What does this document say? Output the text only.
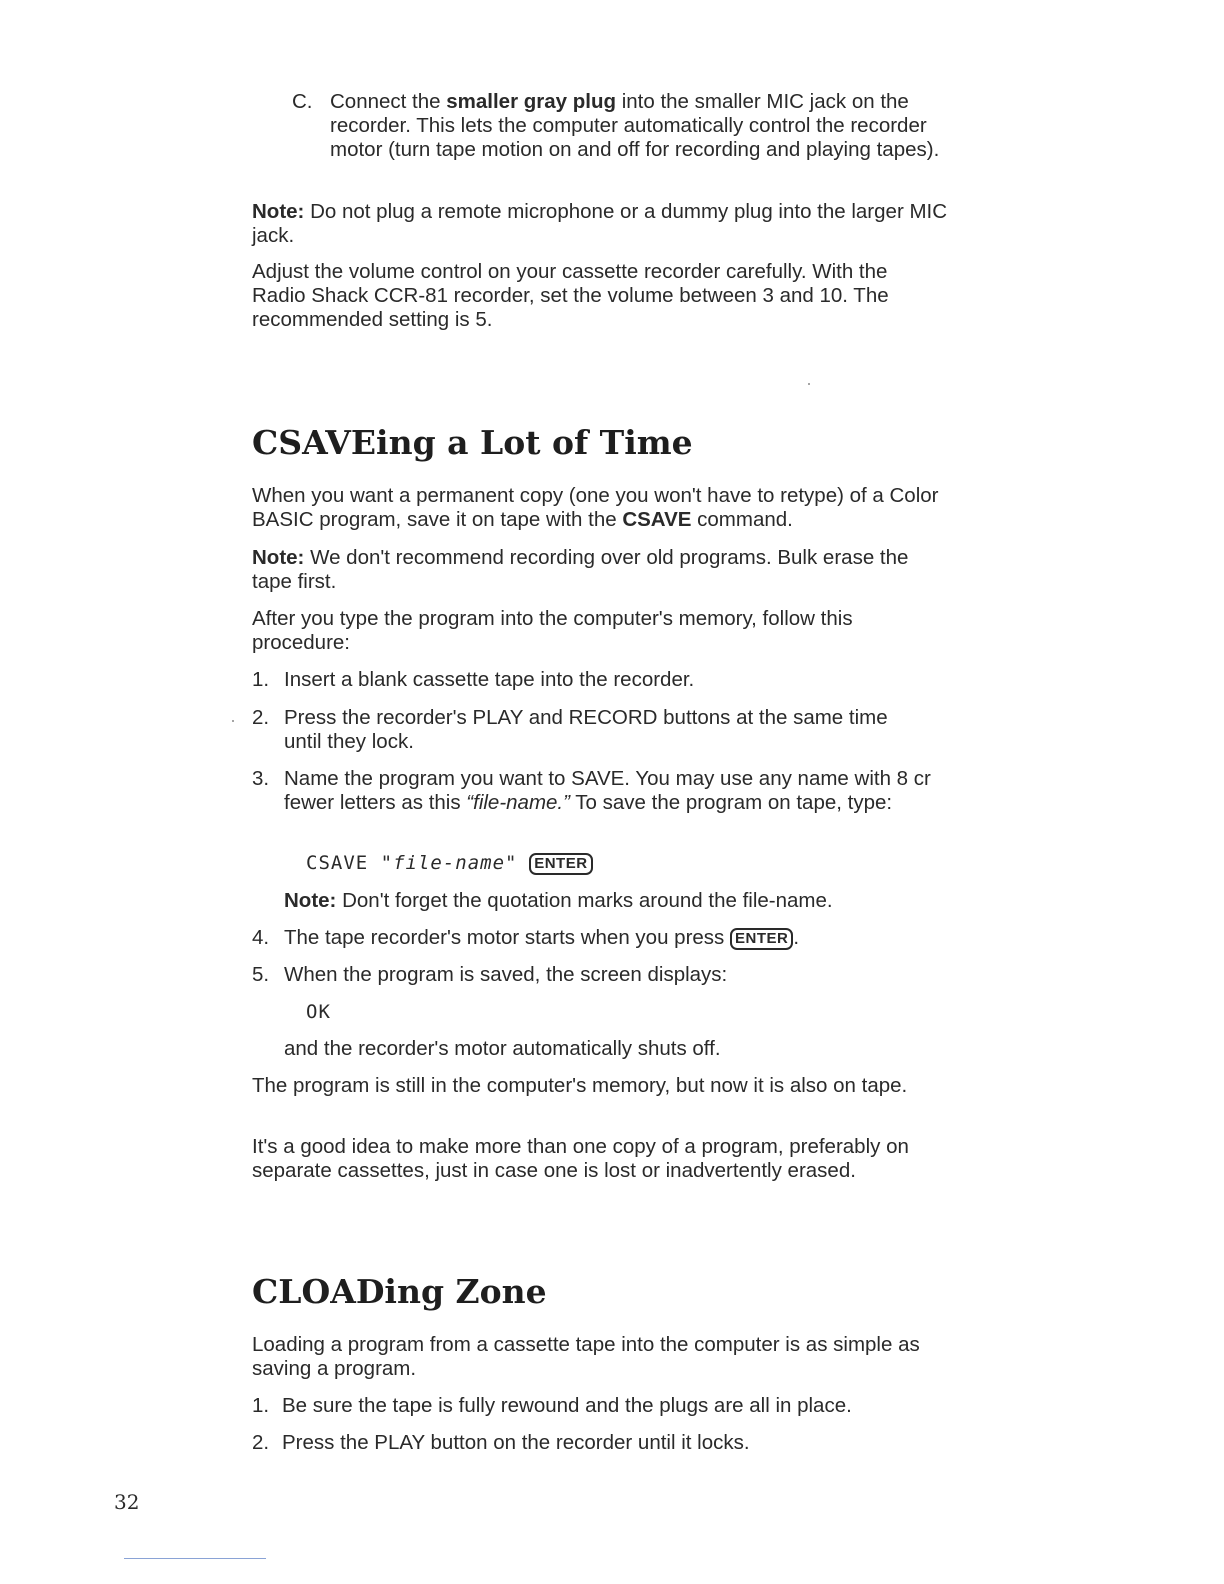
C. Connect the smaller gray plug into the smaller MIC jack on the recorder. This lets the computer automatically control the recorder motor (turn tape motion on and off for recording and playing tapes).

Note: Do not plug a remote microphone or a dummy plug into the larger MIC jack.

Adjust the volume control on your cassette recorder carefully. With the Radio Shack CCR-81 recorder, set the volume between 3 and 10. The recommended setting is 5.

CSAVEing a Lot of Time

When you want a permanent copy (one you won't have to retype) of a Color BASIC program, save it on tape with the CSAVE command.

Note: We don't recommend recording over old programs. Bulk erase the tape first.

After you type the program into the computer's memory, follow this procedure:

1. Insert a blank cassette tape into the recorder.
2. Press the recorder's PLAY and RECORD buttons at the same time until they lock.
3. Name the program you want to SAVE. You may use any name with 8 cr fewer letters as this “file-name.” To save the program on tape, type:
CSAVE "file-name" ENTER

Note: Don't forget the quotation marks around the file-name.

4. The tape recorder's motor starts when you press ENTER .
5. When the program is saved, the screen displays:
OK

and the recorder's motor automatically shuts off.

The program is still in the computer's memory, but now it is also on tape.

It's a good idea to make more than one copy of a program, preferably on separate cassettes, just in case one is lost or inadvertently erased.

CLOADing Zone

Loading a program from a cassette tape into the computer is as simple as saving a program.

1. Be sure the tape is fully rewound and the plugs are all in place.
2. Press the PLAY button on the recorder until it locks.
32
